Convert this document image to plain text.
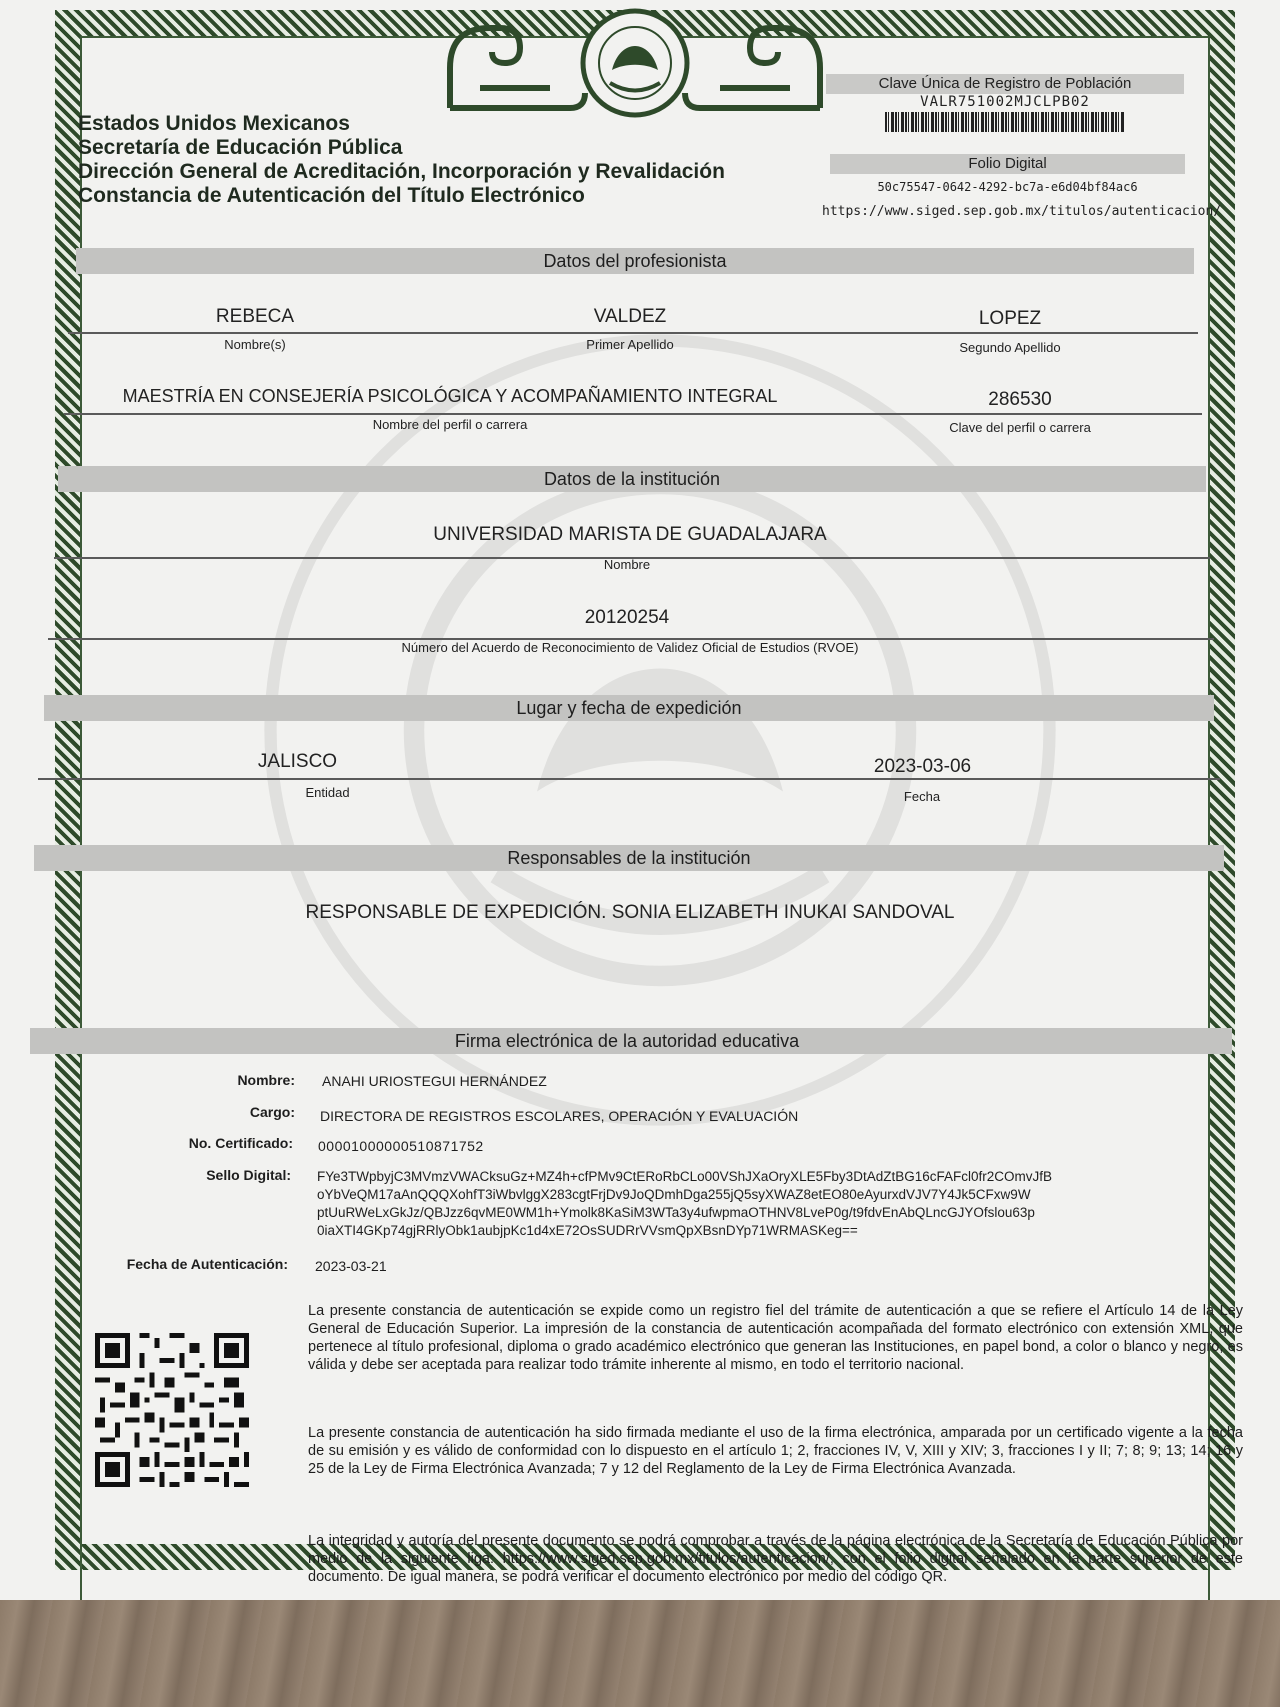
Estados Unidos Mexicanos
Secretaría de Educación Pública
Dirección General de Acreditación, Incorporación y Revalidación
Constancia de Autenticación del Título Electrónico
Clave Única de Registro de Población
VALR751002MJCLPB02
Folio Digital
50c75547-0642-4292-bc7a-e6d04bf84ac6
https://www.siged.sep.gob.mx/titulos/autenticacion/
Datos del profesionista
REBECA	VALDEZ	LOPEZ
Nombre(s)	Primer Apellido	Segundo Apellido
MAESTRÍA EN CONSEJERÍA PSICOLÓGICA Y ACOMPAÑAMIENTO INTEGRAL	286530
Nombre del perfil o carrera	Clave del perfil o carrera
Datos de la institución
UNIVERSIDAD MARISTA DE GUADALAJARA
Nombre
20120254
Número del Acuerdo de Reconocimiento de Validez Oficial de Estudios (RVOE)
Lugar y fecha de expedición
JALISCO	2023-03-06
Entidad	Fecha
Responsables de la institución
RESPONSABLE DE EXPEDICIÓN. SONIA ELIZABETH INUKAI SANDOVAL
Firma electrónica de la autoridad educativa
Nombre: ANAHI URIOSTEGUI HERNÁNDEZ
Cargo: DIRECTORA DE REGISTROS ESCOLARES, OPERACIÓN Y EVALUACIÓN
No. Certificado: 00001000000510871752
Sello Digital: FYe3TWpbyjC3MVmzVWACksuGz+MZ4h+cfPMv9CtERoRbCLo00VShJXaOryXLE5Fby3DtAdZtBG16cFAFcl0fr2COmvJfB
oYbVeQM17aAnQQQXohfT3iWbvlggX283cgtFrjDv9JoQDmhDga255jQ5syXWAZ8etEO80eAyurxdVJV7Y4Jk5CFxw9W
ptUuRWeLxGkJz/QBJzz6qvME0WM1h+Ymolk8KaSiM3WTa3y4ufwpmaOTHNV8LveP0g/t9fdvEnAbQLncGJYOfslou63p
0iaXTI4GKp74gjRRlyObk1aubjpKc1d4xE72OsSUDRrVVsmQpXBsnDYp71WRMASKeg==
Fecha de Autenticación: 2023-03-21
La presente constancia de autenticación se expide como un registro fiel del trámite de autenticación a que se refiere el Artículo 14 de la Ley General de Educación Superior. La impresión de la constancia de autenticación acompañada del formato electrónico con extensión XML, que pertenece al título profesional, diploma o grado académico electrónico que generan las Instituciones, en papel bond, a color o blanco y negro, es válida y debe ser aceptada para realizar todo trámite inherente al mismo, en todo el territorio nacional.
La presente constancia de autenticación ha sido firmada mediante el uso de la firma electrónica, amparada por un certificado vigente a la fecha de su emisión y es válido de conformidad con lo dispuesto en el artículo 1; 2, fracciones IV, V, XIII y XIV; 3, fracciones I y II; 7; 8; 9; 13; 14; 16 y 25 de la Ley de Firma Electrónica Avanzada; 7 y 12 del Reglamento de la Ley de Firma Electrónica Avanzada.
La integridad y autoría del presente documento se podrá comprobar a través de la página electrónica de la Secretaría de Educación Pública por medio de la siguiente liga: https://www.siged.sep.gob.mx/titulos/autenticacion/, con el folio digital señalado en la parte superior de este documento. De igual manera, se podrá verificar el documento electrónico por medio del código QR.
